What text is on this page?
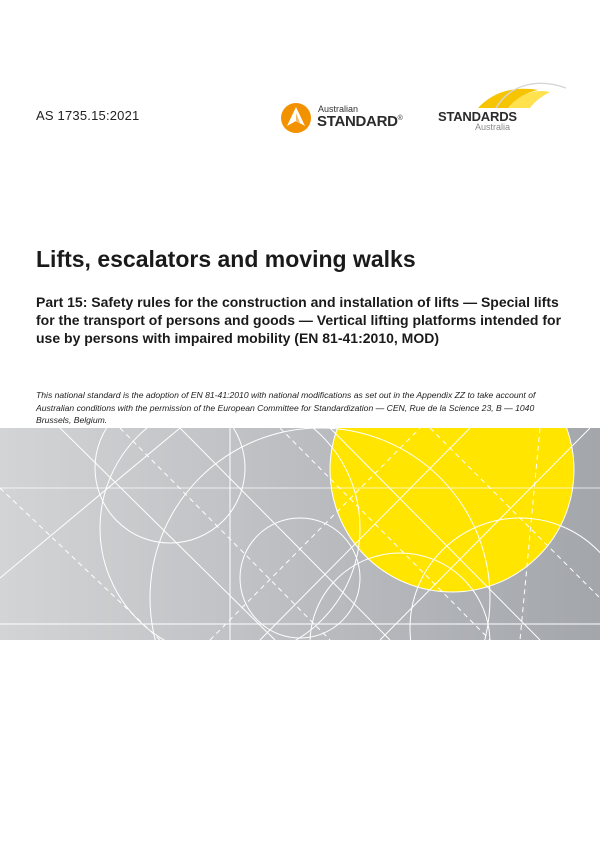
AS 1735.15:2021	Australian
STANDARD®	STANDARDS
Australia
Lifts, escalators and moving walks
Part 15: Safety rules for the construction and installation of lifts — Special lifts for the transport of persons and goods — Vertical lifting platforms intended for use by persons with impaired mobility (EN 81-41:2010, MOD)

This national standard is the adoption of EN 81-41:2010 with national modifications as set out in the Appendix ZZ to take account of Australian conditions with the permission of the European Committee for Standardization — CEN, Rue de la Science 23, B — 1040 Brussels, Belgium.
